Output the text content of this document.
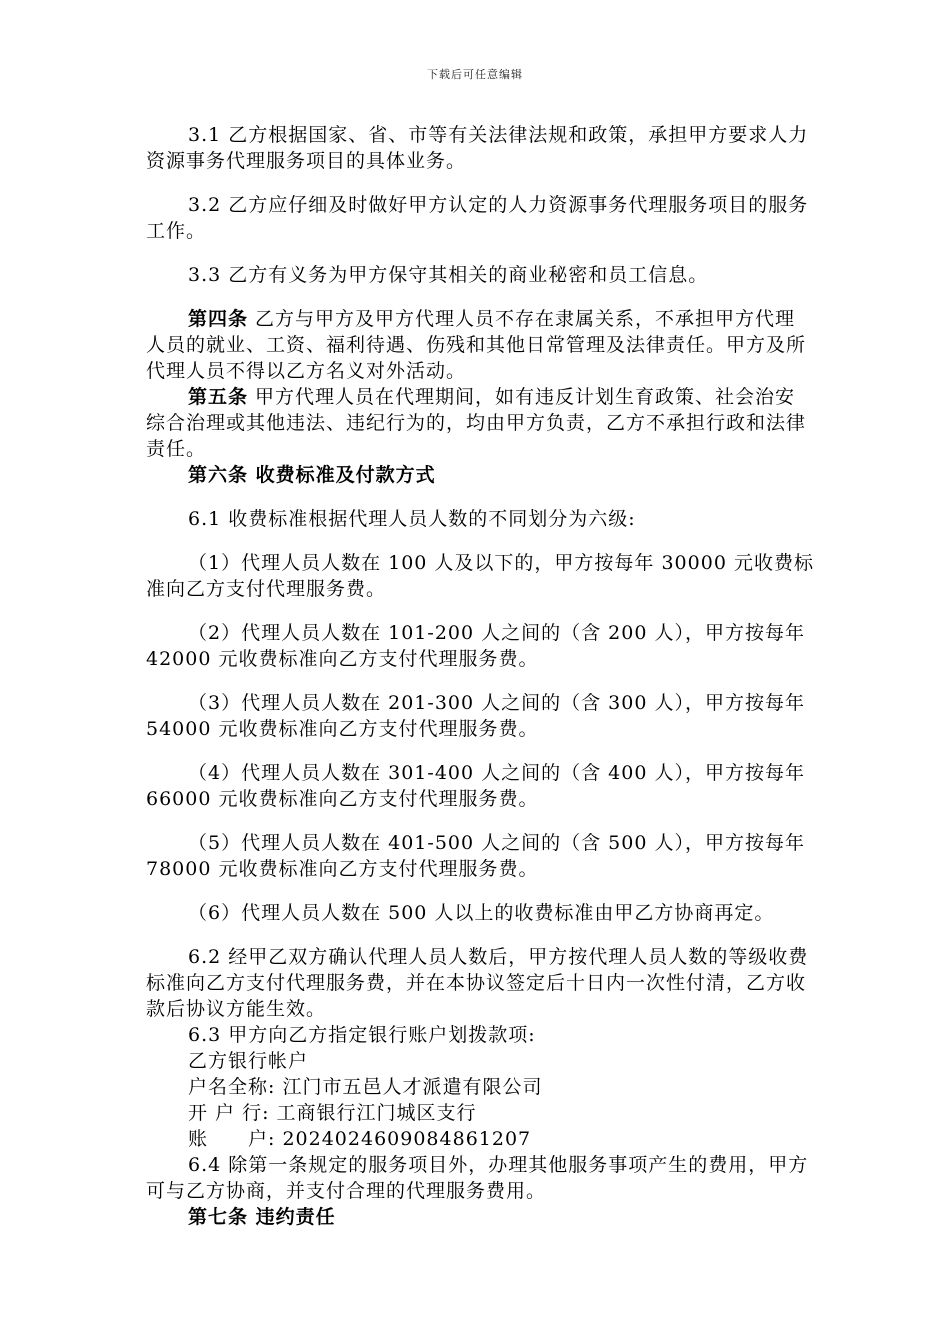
下载后可任意编辑

3.1 乙方根据国家、省、市等有关法律法规和政策，承担甲方要求人力资源事务代理服务项目的具体业务。

3.2 乙方应仔细及时做好甲方认定的人力资源事务代理服务项目的服务工作。

3.3 乙方有义务为甲方保守其相关的商业秘密和员工信息。

第四条 乙方与甲方及甲方代理人员不存在隶属关系，不承担甲方代理人员的就业、工资、福利待遇、伤残和其他日常管理及法律责任。甲方及所代理人员不得以乙方名义对外活动。

第五条 甲方代理人员在代理期间，如有违反计划生育政策、社会治安综合治理或其他违法、违纪行为的，均由甲方负责，乙方不承担行政和法律责任。

第六条 收费标准及付款方式

6.1 收费标准根据代理人员人数的不同划分为六级:

（1）代理人员人数在 100 人及以下的，甲方按每年 30000 元收费标准向乙方支付代理服务费。

（2）代理人员人数在 101-200 人之间的（含 200 人），甲方按每年 42000 元收费标准向乙方支付代理服务费。

（3）代理人员人数在 201-300 人之间的（含 300 人），甲方按每年 54000 元收费标准向乙方支付代理服务费。

（4）代理人员人数在 301-400 人之间的（含 400 人），甲方按每年 66000 元收费标准向乙方支付代理服务费。

（5）代理人员人数在 401-500 人之间的（含 500 人），甲方按每年 78000 元收费标准向乙方支付代理服务费。

（6）代理人员人数在 500 人以上的收费标准由甲乙方协商再定。

6.2 经甲乙双方确认代理人员人数后，甲方按代理人员人数的等级收费标准向乙方支付代理服务费，并在本协议签定后十日内一次性付清，乙方收款后协议方能生效。

6.3 甲方向乙方指定银行账户划拨款项:

乙方银行帐户

户名全称: 江门市五邑人才派遣有限公司

开 户 行: 工商银行江门城区支行

账　　户: 2024024609084861207

6.4 除第一条规定的服务项目外，办理其他服务事项产生的费用，甲方可与乙方协商，并支付合理的代理服务费用。

第七条 违约责任
